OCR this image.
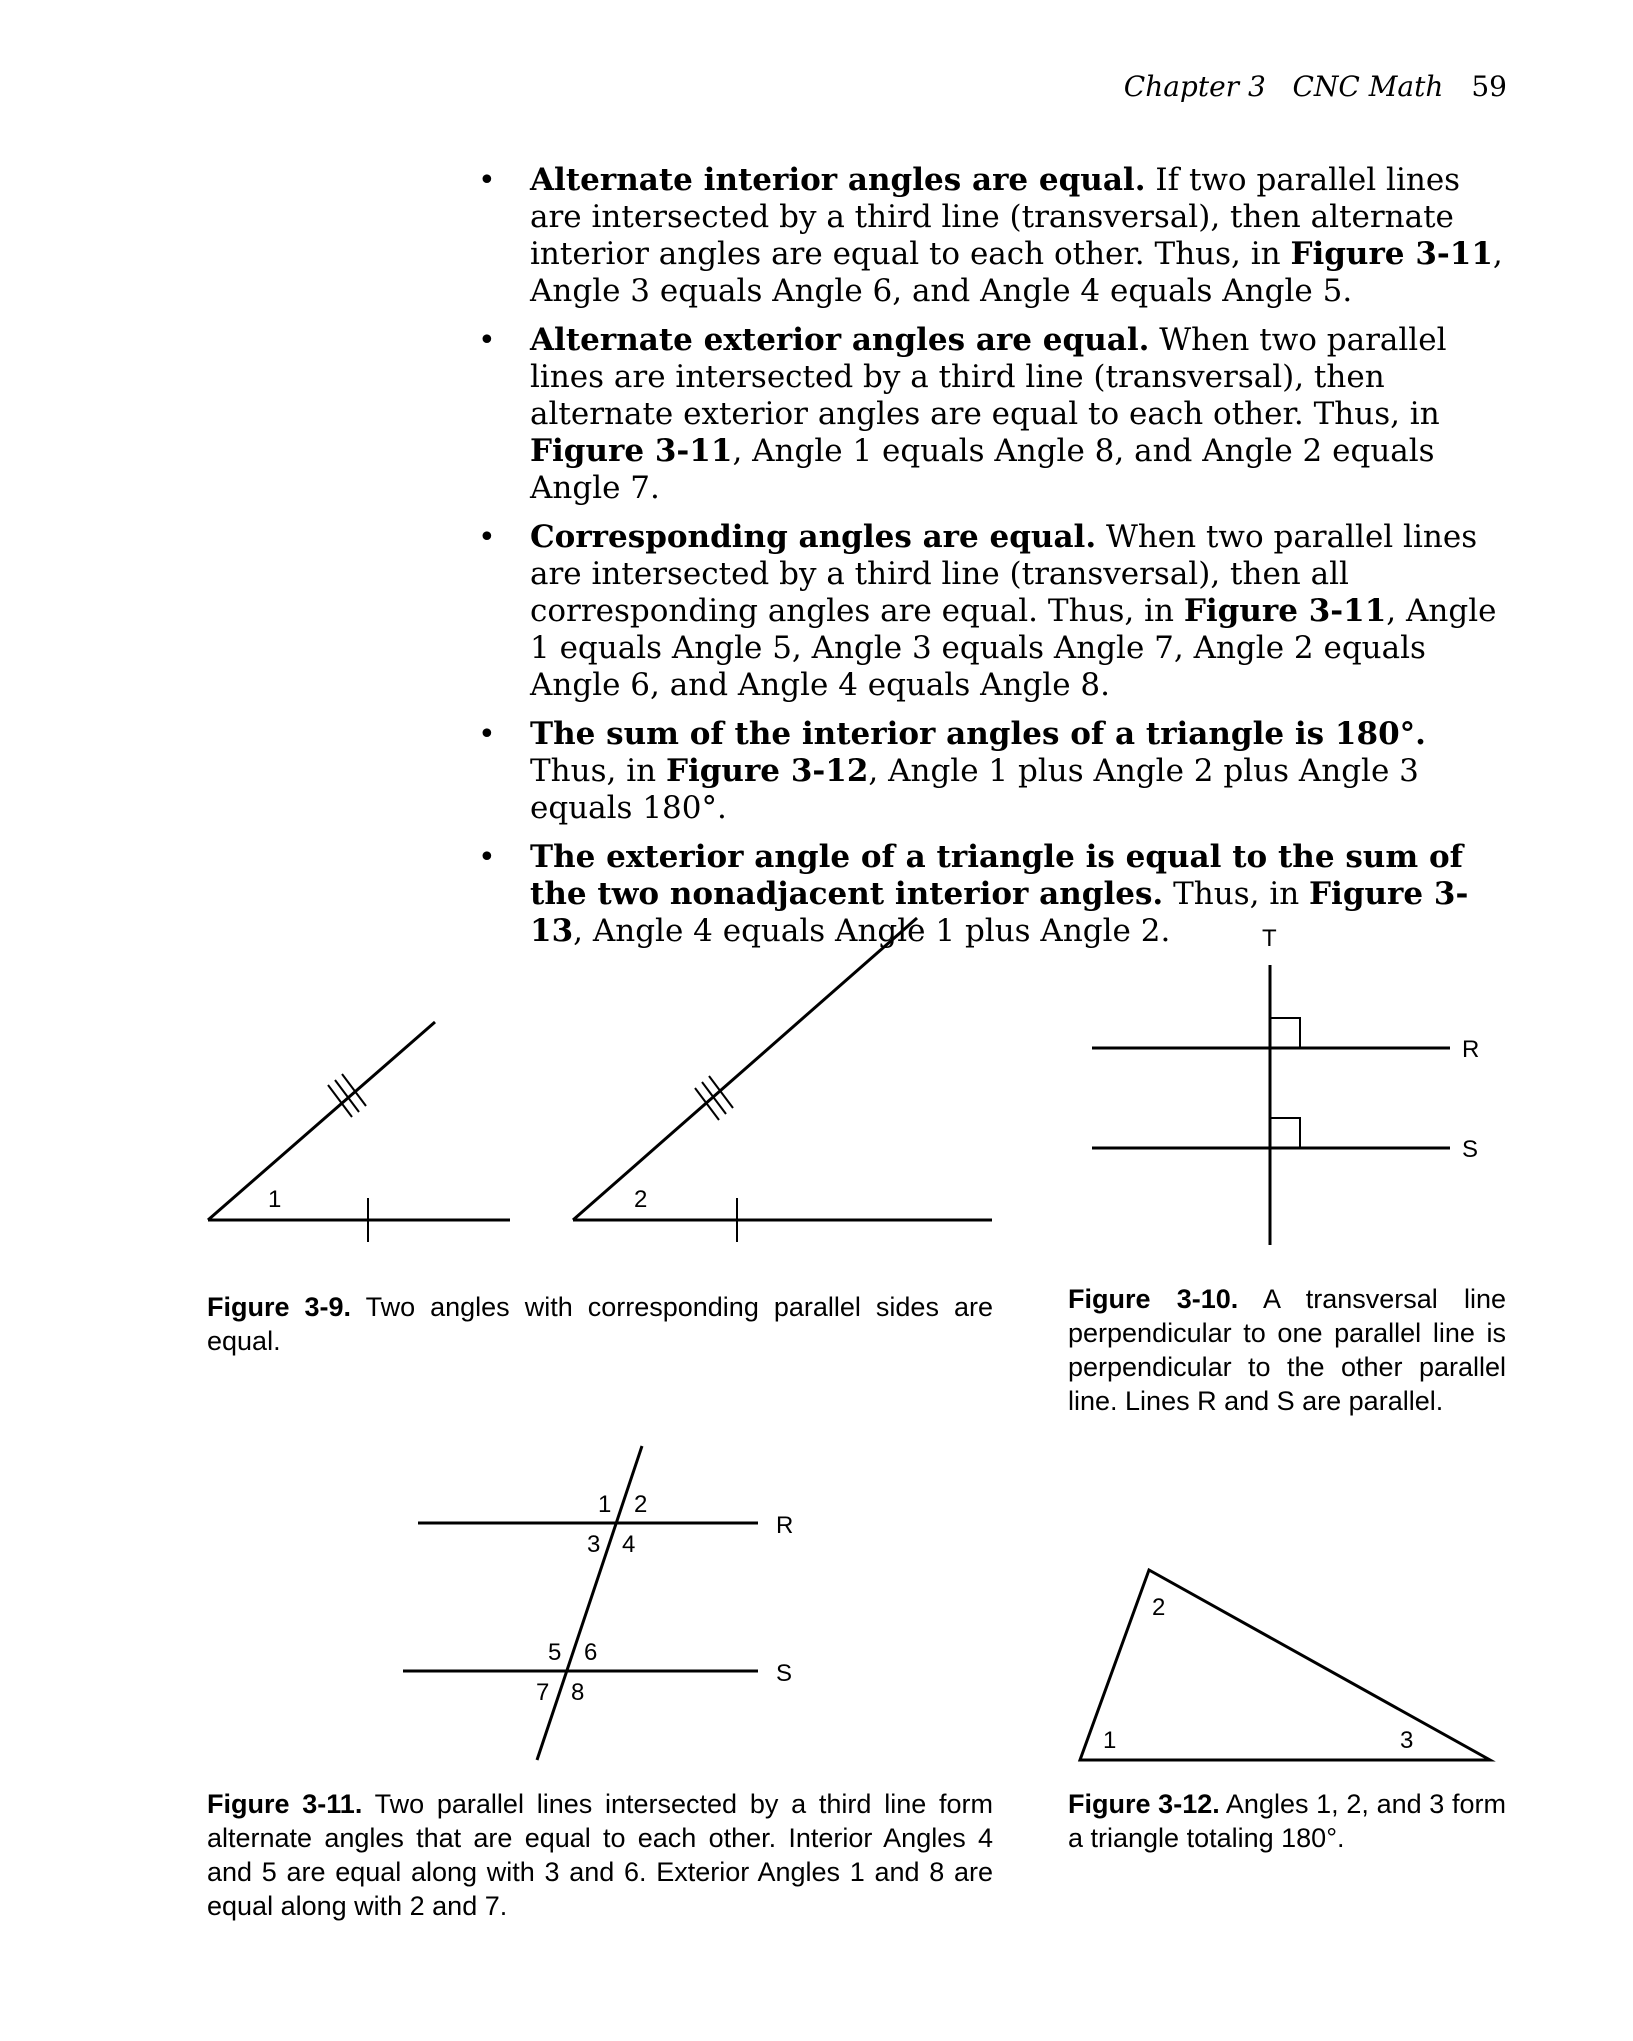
Chapter 3   CNC Math 59
• Alternate interior angles are equal. If two parallel lines are intersected by a third line (transversal), then alternate interior angles are equal to each other. Thus, in Figure 3-11, Angle 3 equals Angle 6, and Angle 4 equals Angle 5.
• Alternate exterior angles are equal. When two parallel lines are intersected by a third line (transversal), then alternate exterior angles are equal to each other. Thus, in Figure 3-11, Angle 1 equals Angle 8, and Angle 2 equals Angle 7.
• Corresponding angles are equal. When two parallel lines are intersected by a third line (transversal), then all corresponding angles are equal. Thus, in Figure 3-11, Angle 1 equals Angle 5, Angle 3 equals Angle 7, Angle 2 equals Angle 6, and Angle 4 equals Angle 8.
• The sum of the interior angles of a triangle is 180°. Thus, in Figure 3-12, Angle 1 plus Angle 2 plus Angle 3 equals 180°.
• The exterior angle of a triangle is equal to the sum of the two nonadjacent interior angles. Thus, in Figure 3-13, Angle 4 equals Angle 1 plus Angle 2.
1	2
Figure 3-9. Two angles with corresponding parallel sides are equal.
T
R
S
Figure 3-10. A transversal line perpendicular to one parallel line is perpendicular to the other parallel line. Lines R and S are parallel.
1 2
3 4
5 6
7 8
R
S
Figure 3-11. Two parallel lines intersected by a third line form alternate angles that are equal to each other. Interior Angles 4 and 5 are equal along with 3 and 6. Exterior Angles 1 and 8 are equal along with 2 and 7.
1
2
3
Figure 3-12. Angles 1, 2, and 3 form a triangle totaling 180°.
